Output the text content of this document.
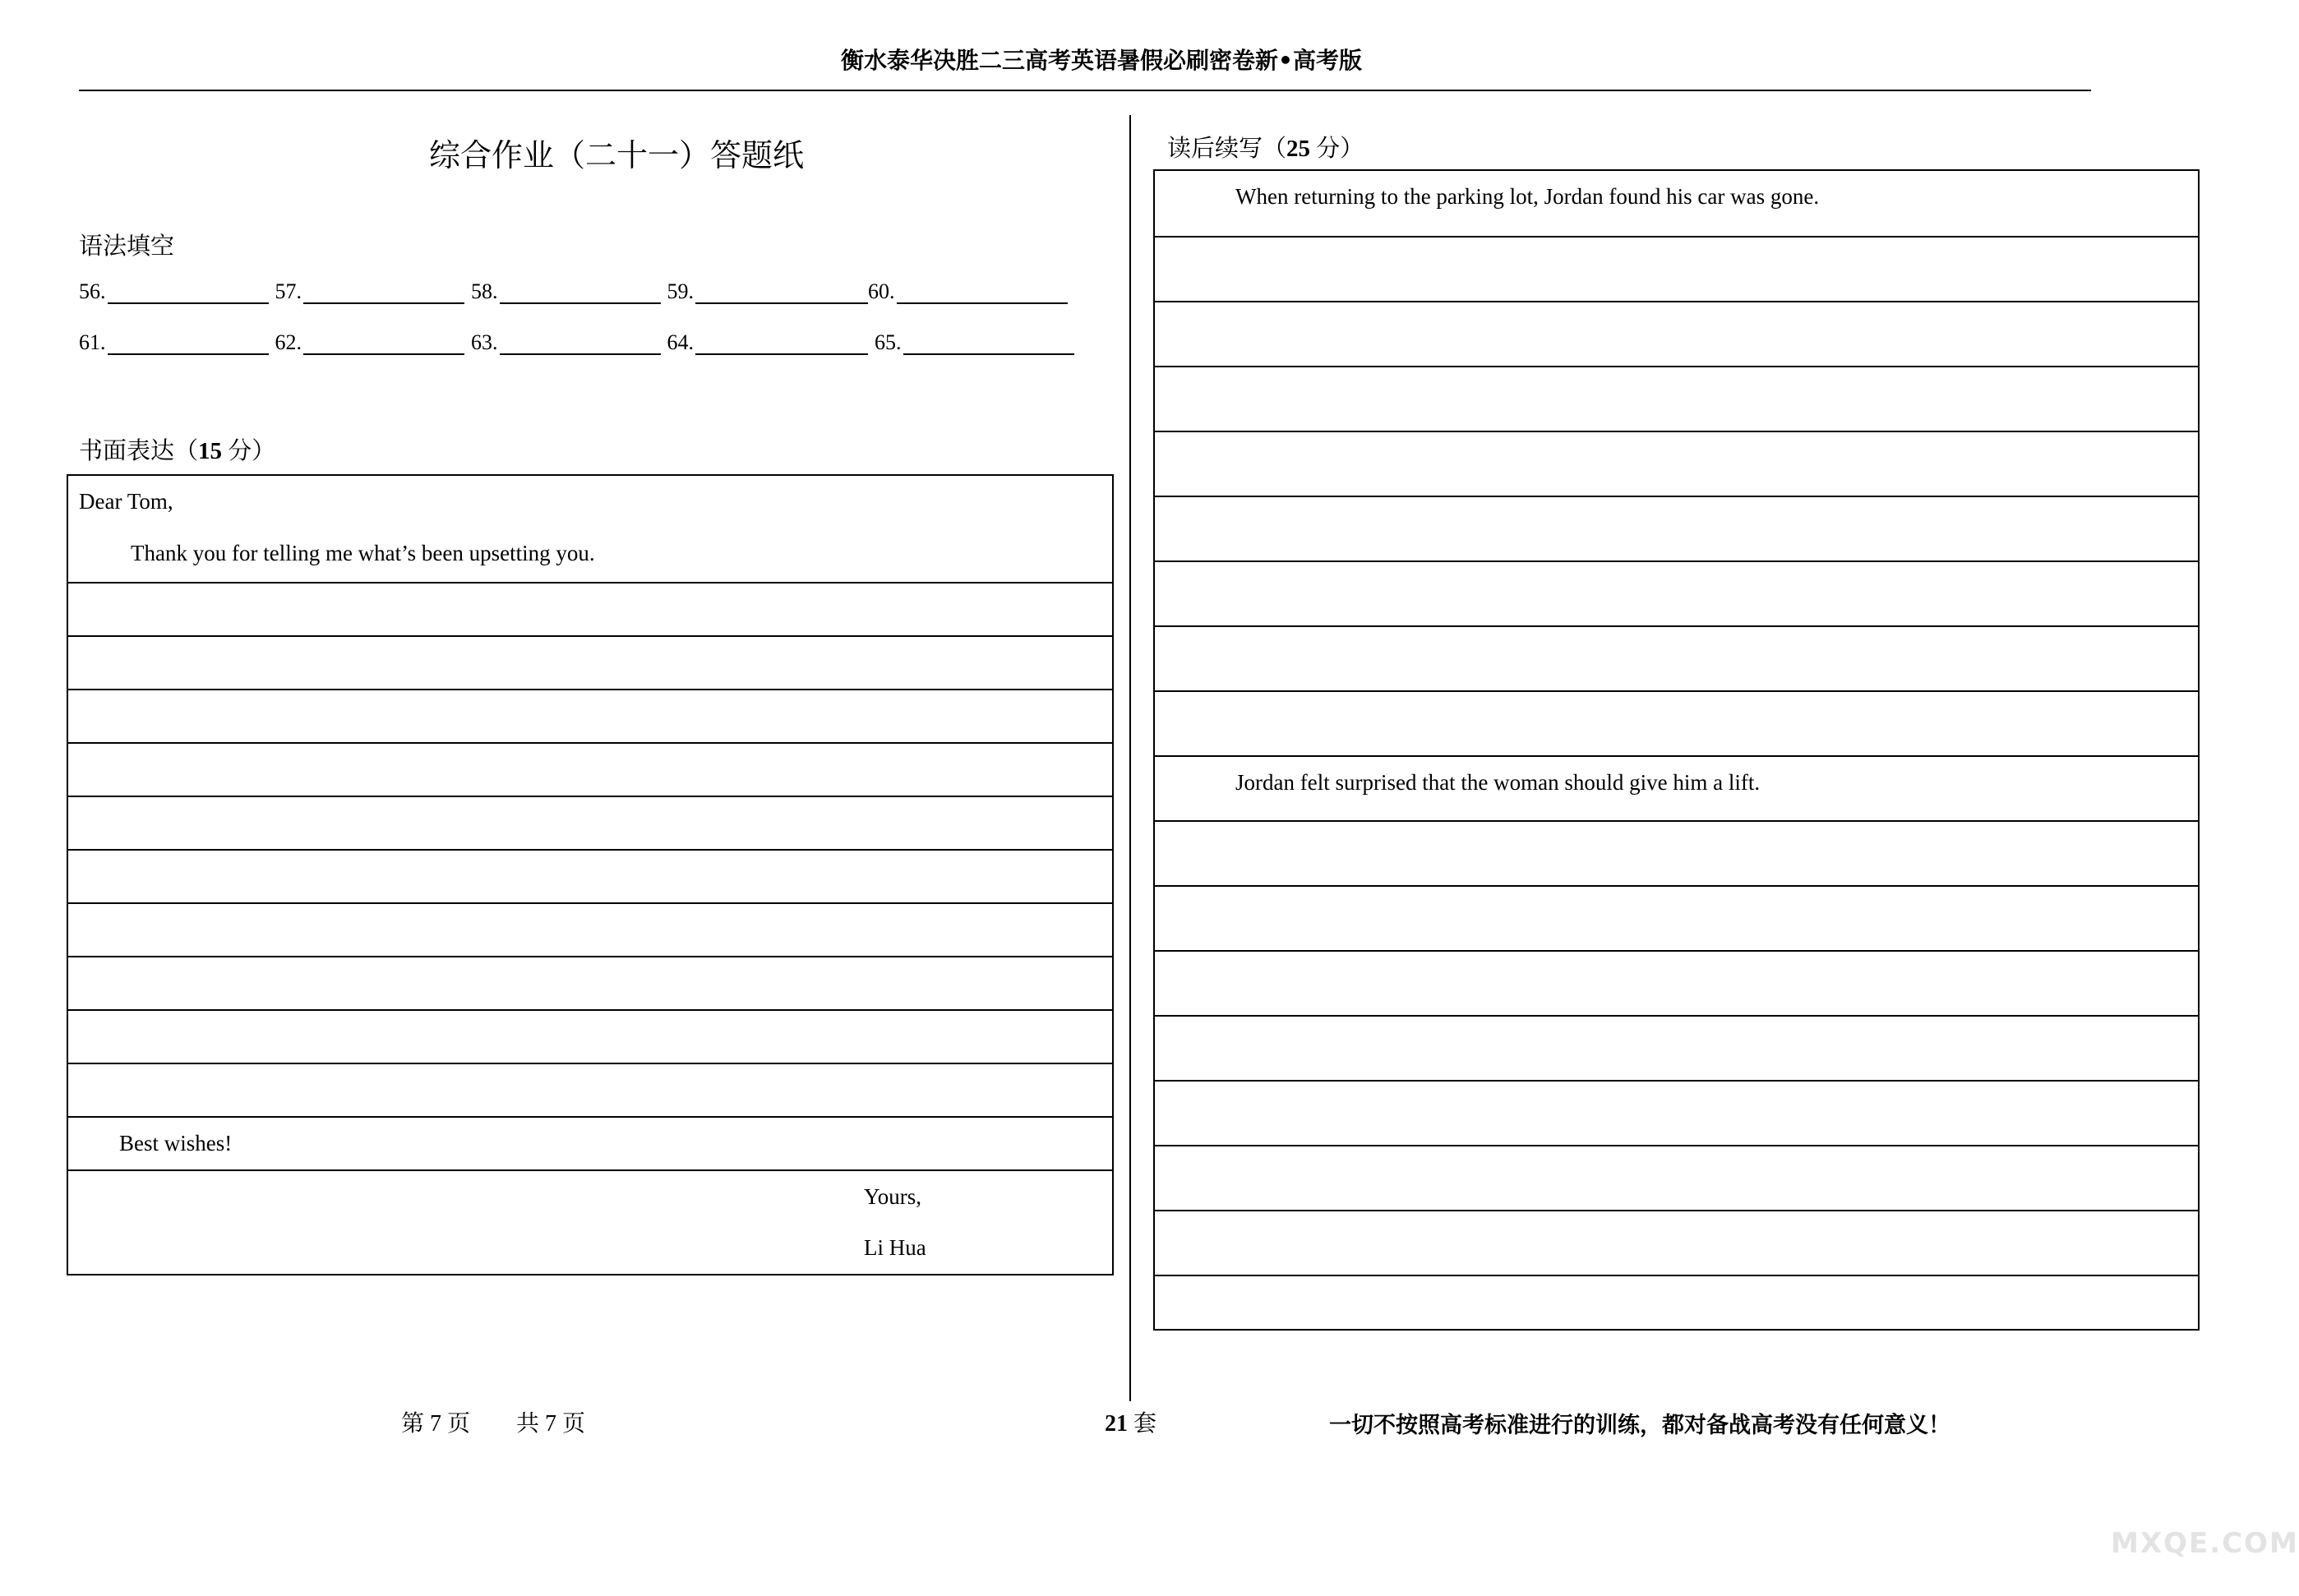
衡水泰华决胜二三高考英语暑假必刷密卷新•高考版
综合作业（二十一）答题纸
语法填空
56.	57.	58.	59.	60.
61.	62.	63.	64.	65.
书面表达（15 分）
Dear Tom,
Thank you for telling me what’s been upsetting you.
Best wishes!
Yours,
Li Hua
读后续写（25 分）
When returning to the parking lot, Jordan found his car was gone.
Jordan felt surprised that the woman should give him a lift.
第 7 页　　共 7 页	21 套	一切不按照高考标准进行的训练，都对备战高考没有任何意义！
MXQE.COM
